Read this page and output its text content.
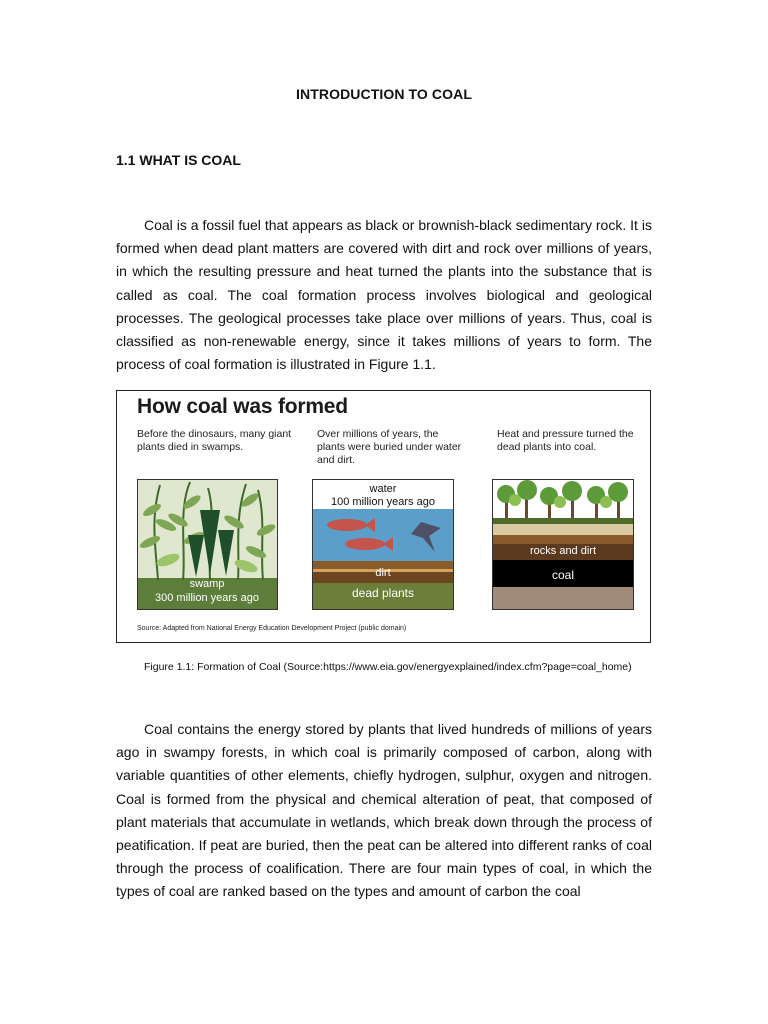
INTRODUCTION TO COAL
1.1 WHAT IS COAL

Coal is a fossil fuel that appears as black or brownish-black sedimentary rock. It is formed when dead plant matters are covered with dirt and rock over millions of years, in which the resulting pressure and heat turned the plants into the substance that is called as coal. The coal formation process involves biological and geological processes. The geological processes take place over millions of years. Thus, coal is classified as non-renewable energy, since it takes millions of years to form. The process of coal formation is illustrated in Figure 1.1.

How coal was formed
Before the dinosaurs, many giant plants died in swamps.
Over millions of years, the plants were buried under water and dirt.
Heat and pressure turned the dead plants into coal.
swamp
300 million years ago
water
100 million years ago
dirt
dead plants
rocks and dirt
coal
Source: Adapted from National Energy Education Development Project (public domain)
Figure 1.1: Formation of Coal (Source:https://www.eia.gov/energyexplained/index.cfm?page=coal_home)

Coal contains the energy stored by plants that lived hundreds of millions of years ago in swampy forests, in which coal is primarily composed of carbon, along with variable quantities of other elements, chiefly hydrogen, sulphur, oxygen and nitrogen. Coal is formed from the physical and chemical alteration of peat, that composed of plant materials that accumulate in wetlands, which break down through the process of peatification. If peat are buried, then the peat can be altered into different ranks of coal through the process of coalification. There are four main types of coal, in which the types of coal are ranked based on the types and amount of carbon the coal
